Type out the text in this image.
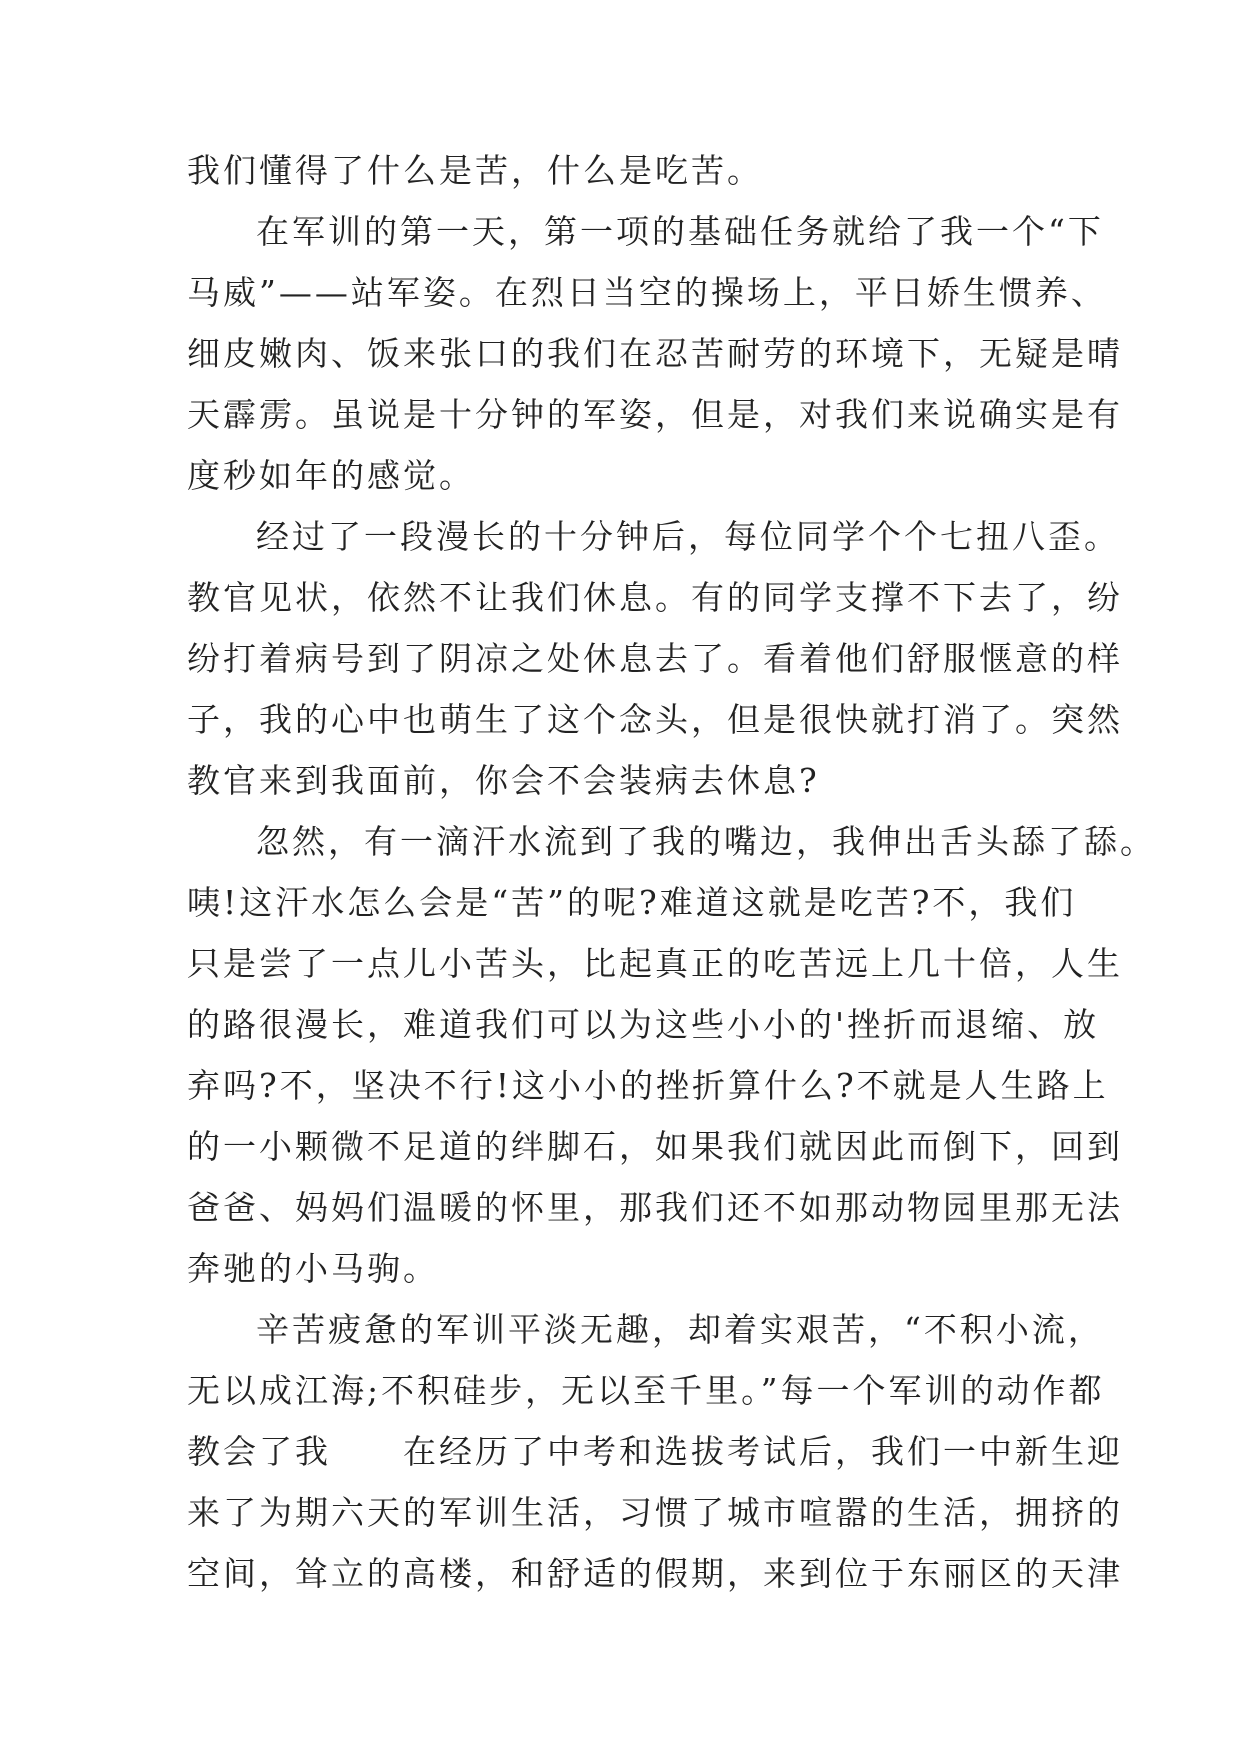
我们懂得了什么是苦，什么是吃苦。
在军训的第一天，第一项的基础任务就给了我一个“下
马威”——站军姿。在烈日当空的操场上，平日娇生惯养、
细皮嫩肉、饭来张口的我们在忍苦耐劳的环境下，无疑是晴
天霹雳。虽说是十分钟的军姿，但是，对我们来说确实是有
度秒如年的感觉。
经过了一段漫长的十分钟后，每位同学个个七扭八歪。
教官见状，依然不让我们休息。有的同学支撑不下去了，纷
纷打着病号到了阴凉之处休息去了。看着他们舒服惬意的样
子，我的心中也萌生了这个念头，但是很快就打消了。突然
教官来到我面前，你会不会装病去休息?
忽然，有一滴汗水流到了我的嘴边，我伸出舌头舔了舔。
咦!这汗水怎么会是“苦”的呢?难道这就是吃苦?不，我们
只是尝了一点儿小苦头，比起真正的吃苦远上几十倍，人生
的路很漫长，难道我们可以为这些小小的'挫折而退缩、放
弃吗?不，坚决不行!这小小的挫折算什么?不就是人生路上
的一小颗微不足道的绊脚石，如果我们就因此而倒下，回到
爸爸、妈妈们温暖的怀里，那我们还不如那动物园里那无法
奔驰的小马驹。
辛苦疲惫的军训平淡无趣，却着实艰苦，“不积小流，
无以成江海;不积硅步，无以至千里。”每一个军训的动作都
教会了我　　在经历了中考和选拔考试后，我们一中新生迎
来了为期六天的军训生活，习惯了城市喧嚣的生活，拥挤的
空间，耸立的高楼，和舒适的假期，来到位于东丽区的天津
